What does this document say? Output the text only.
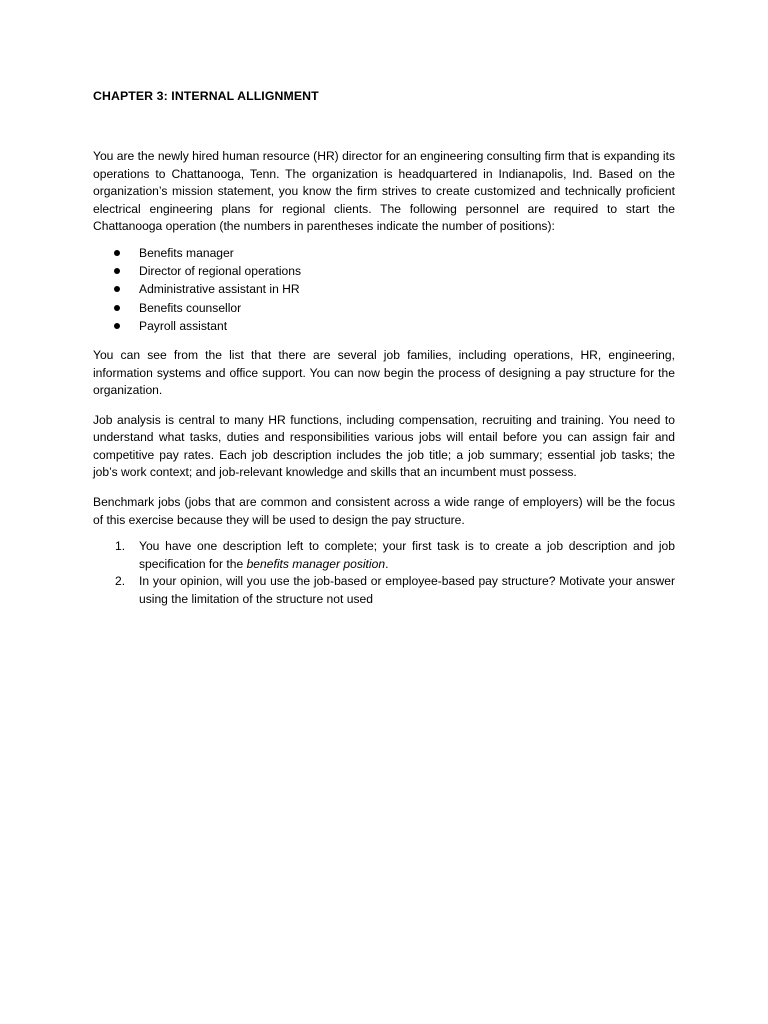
CHAPTER 3: INTERNAL ALLIGNMENT

You are the newly hired human resource (HR) director for an engineering consulting firm that is expanding its operations to Chattanooga, Tenn. The organization is headquartered in Indianapolis, Ind. Based on the organization’s mission statement, you know the firm strives to create customized and technically proficient electrical engineering plans for regional clients. The following personnel are required to start the Chattanooga operation (the numbers in parentheses indicate the number of positions):

Benefits manager
Director of regional operations
Administrative assistant in HR
Benefits counsellor
Payroll assistant

You can see from the list that there are several job families, including operations, HR, engineering, information systems and office support. You can now begin the process of designing a pay structure for the organization.

Job analysis is central to many HR functions, including compensation, recruiting and training. You need to understand what tasks, duties and responsibilities various jobs will entail before you can assign fair and competitive pay rates. Each job description includes the job title; a job summary; essential job tasks; the job’s work context; and job-relevant knowledge and skills that an incumbent must possess.

Benchmark jobs (jobs that are common and consistent across a wide range of employers) will be the focus of this exercise because they will be used to design the pay structure.

1. You have one description left to complete; your first task is to create a job description and job specification for the benefits manager position.
2. In your opinion, will you use the job-based or employee-based pay structure? Motivate your answer using the limitation of the structure not used
